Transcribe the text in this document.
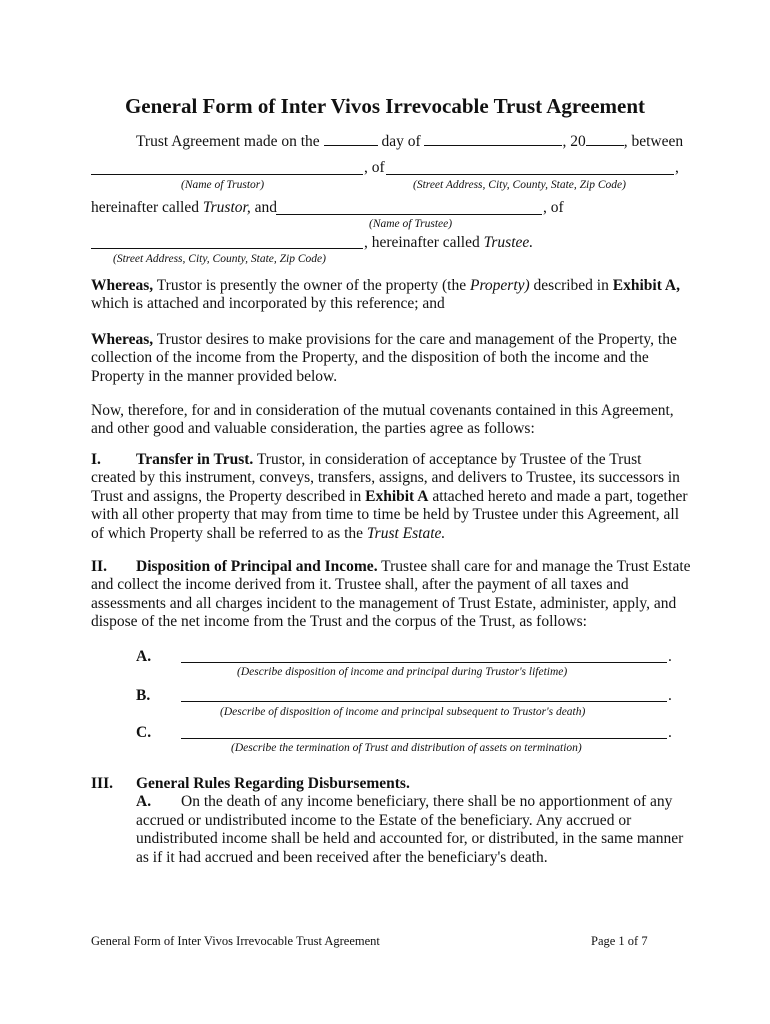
General Form of Inter Vivos Irrevocable Trust Agreement
Trust Agreement made on the	day of	, 20 , between
, of	,
(Name of Trustor)	(Street Address, City, County, State, Zip Code)
hereinafter called Trustor, and	, of
(Name of Trustee)
, hereinafter called Trustee.
(Street Address, City, County, State, Zip Code)
Whereas, Trustor is presently the owner of the property (the Property) described in Exhibit A,
which is attached and incorporated by this reference; and
Whereas, Trustor desires to make provisions for the care and management of the Property, the
collection of the income from the Property, and the disposition of both the income and the
Property in the manner provided below.
Now, therefore, for and in consideration of the mutual covenants contained in this Agreement,
and other good and valuable consideration, the parties agree as follows:
I. Transfer in Trust. Trustor, in consideration of acceptance by Trustee of the Trust
created by this instrument, conveys, transfers, assigns, and delivers to Trustee, its successors in
Trust and assigns, the Property described in Exhibit A attached hereto and made a part, together
with all other property that may from time to time be held by Trustee under this Agreement, all
of which Property shall be referred to as the Trust Estate.
II. Disposition of Principal and Income. Trustee shall care for and manage the Trust Estate
and collect the income derived from it. Trustee shall, after the payment of all taxes and
assessments and all charges incident to the management of Trust Estate, administer, apply, and
dispose of the net income from the Trust and the corpus of the Trust, as follows:
A.	.
(Describe disposition of income and principal during Trustor's lifetime)
B.	.
(Describe of disposition of income and principal subsequent to Trustor's death)
C.	.
(Describe the termination of Trust and distribution of assets on termination)
III. General Rules Regarding Disbursements.
A. On the death of any income beneficiary, there shall be no apportionment of any
accrued or undistributed income to the Estate of the beneficiary. Any accrued or
undistributed income shall be held and accounted for, or distributed, in the same manner
as if it had accrued and been received after the beneficiary's death.
General Form of Inter Vivos Irrevocable Trust Agreement	Page 1 of 7
